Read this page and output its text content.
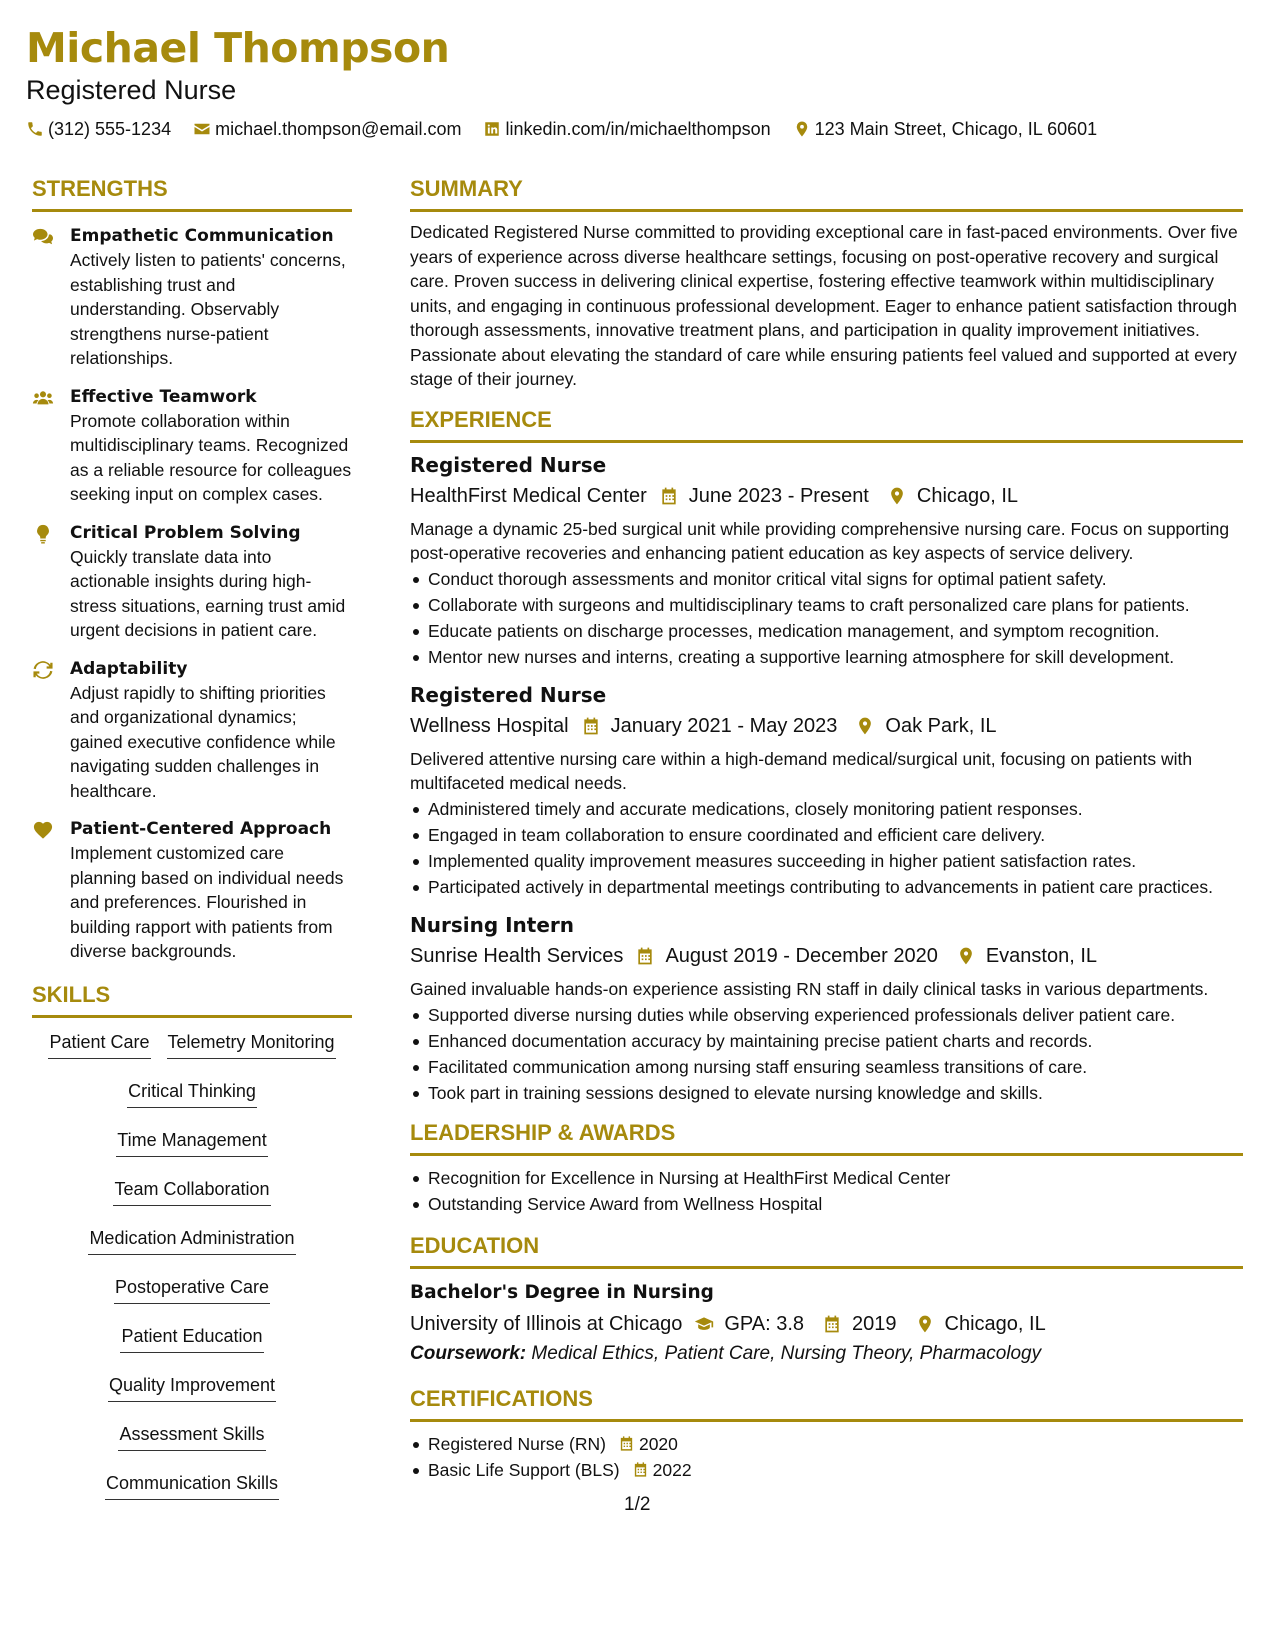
Michael Thompson
Registered Nurse
(312) 555-1234 michael.thompson@email.com linkedin.com/in/michaelthompson 123 Main Street, Chicago, IL 60601
STRENGTHS
Empathetic Communication
Actively listen to patients' concerns, establishing trust and understanding. Observably strengthens nurse-patient relationships.
Effective Teamwork
Promote collaboration within multidisciplinary teams. Recognized as a reliable resource for colleagues seeking input on complex cases.
Critical Problem Solving
Quickly translate data into actionable insights during high-stress situations, earning trust amid urgent decisions in patient care.
Adaptability
Adjust rapidly to shifting priorities and organizational dynamics; gained executive confidence while navigating sudden challenges in healthcare.
Patient-Centered Approach
Implement customized care planning based on individual needs and preferences. Flourished in building rapport with patients from diverse backgrounds.
SKILLS
Patient Care Telemetry Monitoring
Critical Thinking
Time Management
Team Collaboration
Medication Administration
Postoperative Care
Patient Education
Quality Improvement
Assessment Skills
Communication Skills
SUMMARY
Dedicated Registered Nurse committed to providing exceptional care in fast-paced environments. Over five years of experience across diverse healthcare settings, focusing on post-operative recovery and surgical care. Proven success in delivering clinical expertise, fostering effective teamwork within multidisciplinary units, and engaging in continuous professional development. Eager to enhance patient satisfaction through thorough assessments, innovative treatment plans, and participation in quality improvement initiatives. Passionate about elevating the standard of care while ensuring patients feel valued and supported at every stage of their journey.
EXPERIENCE
Registered Nurse
HealthFirst Medical Center June 2023 - Present Chicago, IL
Manage a dynamic 25-bed surgical unit while providing comprehensive nursing care. Focus on supporting post-operative recoveries and enhancing patient education as key aspects of service delivery.
Conduct thorough assessments and monitor critical vital signs for optimal patient safety.
Collaborate with surgeons and multidisciplinary teams to craft personalized care plans for patients.
Educate patients on discharge processes, medication management, and symptom recognition.
Mentor new nurses and interns, creating a supportive learning atmosphere for skill development.
Registered Nurse
Wellness Hospital January 2021 - May 2023 Oak Park, IL
Delivered attentive nursing care within a high-demand medical/surgical unit, focusing on patients with multifaceted medical needs.
Administered timely and accurate medications, closely monitoring patient responses.
Engaged in team collaboration to ensure coordinated and efficient care delivery.
Implemented quality improvement measures succeeding in higher patient satisfaction rates.
Participated actively in departmental meetings contributing to advancements in patient care practices.
Nursing Intern
Sunrise Health Services August 2019 - December 2020 Evanston, IL
Gained invaluable hands-on experience assisting RN staff in daily clinical tasks in various departments.
Supported diverse nursing duties while observing experienced professionals deliver patient care.
Enhanced documentation accuracy by maintaining precise patient charts and records.
Facilitated communication among nursing staff ensuring seamless transitions of care.
Took part in training sessions designed to elevate nursing knowledge and skills.
LEADERSHIP & AWARDS
Recognition for Excellence in Nursing at HealthFirst Medical Center
Outstanding Service Award from Wellness Hospital
EDUCATION
Bachelor's Degree in Nursing
University of Illinois at Chicago GPA: 3.8 2019 Chicago, IL
Coursework: Medical Ethics, Patient Care, Nursing Theory, Pharmacology
CERTIFICATIONS
Registered Nurse (RN) 2020
Basic Life Support (BLS) 2022
1/2
